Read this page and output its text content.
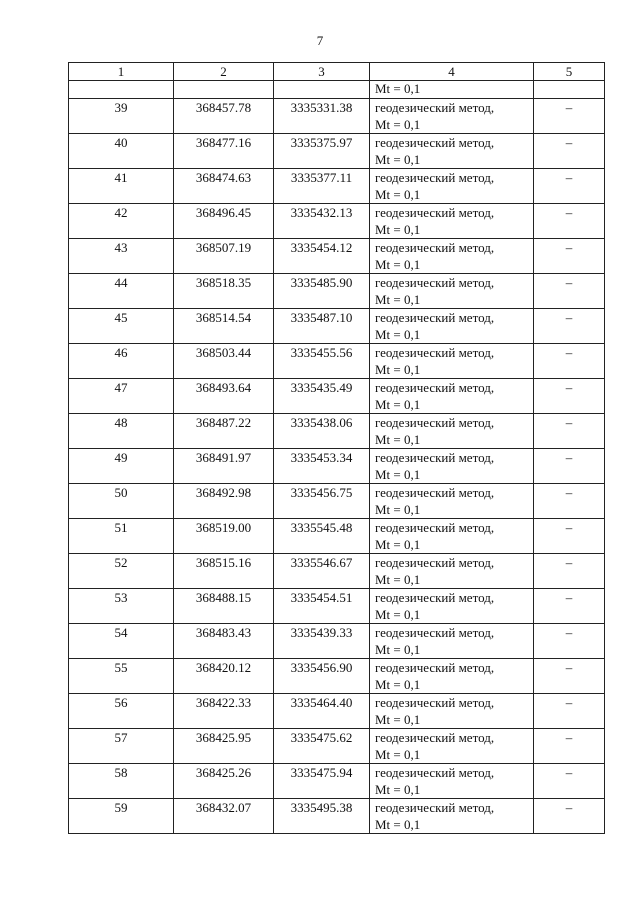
7
1	2	3	4	5
			Mt = 0,1	
39	368457.78	3335331.38	геодезический метод,
Mt = 0,1	–
40	368477.16	3335375.97	геодезический метод,
Mt = 0,1	–
41	368474.63	3335377.11	геодезический метод,
Mt = 0,1	–
42	368496.45	3335432.13	геодезический метод,
Mt = 0,1	–
43	368507.19	3335454.12	геодезический метод,
Mt = 0,1	–
44	368518.35	3335485.90	геодезический метод,
Mt = 0,1	–
45	368514.54	3335487.10	геодезический метод,
Mt = 0,1	–
46	368503.44	3335455.56	геодезический метод,
Mt = 0,1	–
47	368493.64	3335435.49	геодезический метод,
Mt = 0,1	–
48	368487.22	3335438.06	геодезический метод,
Mt = 0,1	–
49	368491.97	3335453.34	геодезический метод,
Mt = 0,1	–
50	368492.98	3335456.75	геодезический метод,
Mt = 0,1	–
51	368519.00	3335545.48	геодезический метод,
Mt = 0,1	–
52	368515.16	3335546.67	геодезический метод,
Mt = 0,1	–
53	368488.15	3335454.51	геодезический метод,
Mt = 0,1	–
54	368483.43	3335439.33	геодезический метод,
Mt = 0,1	–
55	368420.12	3335456.90	геодезический метод,
Mt = 0,1	–
56	368422.33	3335464.40	геодезический метод,
Mt = 0,1	–
57	368425.95	3335475.62	геодезический метод,
Mt = 0,1	–
58	368425.26	3335475.94	геодезический метод,
Mt = 0,1	–
59	368432.07	3335495.38	геодезический метод,
Mt = 0,1	–
